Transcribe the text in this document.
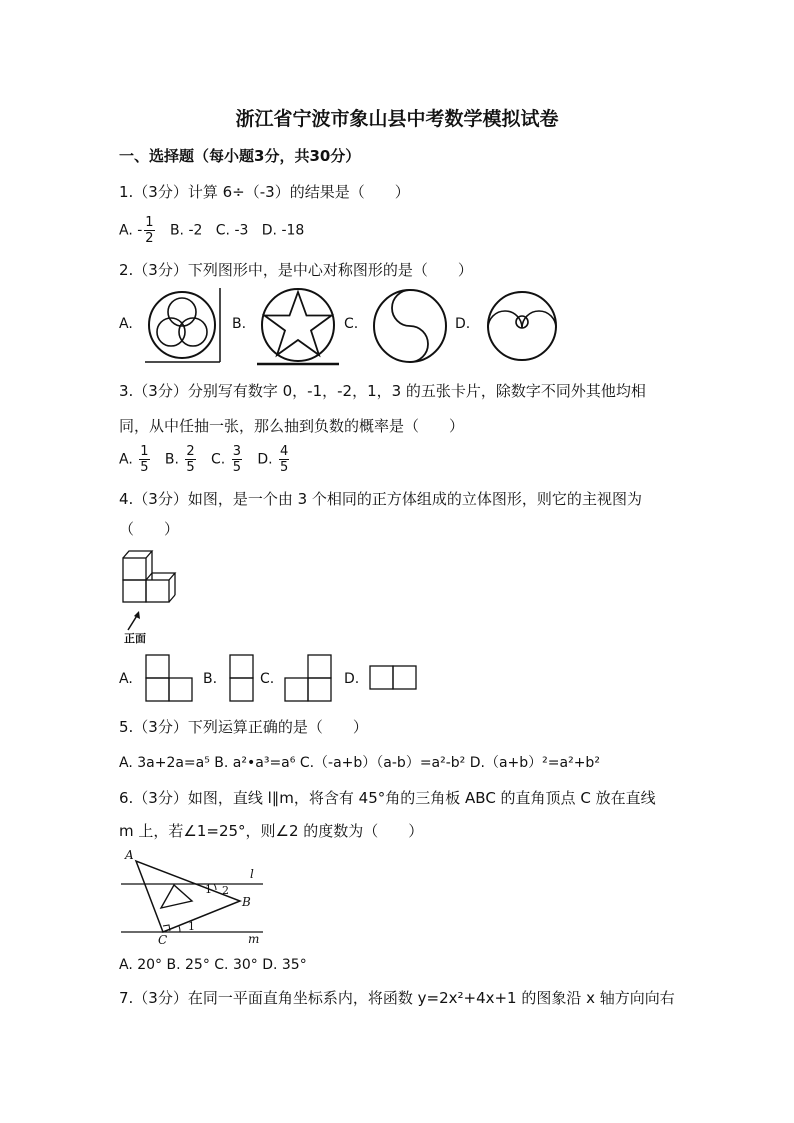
浙江省宁波市象山县中考数学模拟试卷
一、选择题（每小题3分，共30分）
1.（3分）计算 6÷（-3）的结果是（　　）
A. - $\frac{1}{2} B$. -2 C. -3 D. -18
2.（3分）下列图形中，是中心对称图形的是（　　）
A.	B.	C.	D.
3.（3分）分别写有数字 0，-1，-2，1，3 的五张卡片，除数字不同外其他均相
同，从中任抽一张，那么抽到负数的概率是（　　）
A. $\frac{1}{5} B$. $\frac{2}{5} C$. $\frac{3}{5} D$. $\frac{4}{5}$
4.（3分）如图，是一个由 3 个相同的正方体组成的立体图形，则它的主视图为
（　　）
正面
A.	B.	C.	D.
5.（3分）下列运算正确的是（　　）
A. 3a+2a=a⁵ B. a²•a³=a⁶ C.（-a+b）（a-b）=a²-b² D.（a+b）²=a²+b²
6.（3分）如图，直线 l∥m，将含有 45°角的三角板 ABC 的直角顶点 C 放在直线
m 上，若∠1=25°，则∠2 的度数为（　　）
A
B
C
l
m
2
1
1
A. 20° B. 25° C. 30° D. 35°
7.（3分）在同一平面直角坐标系内，将函数 y=2x²+4x+1 的图象沿 x 轴方向向右
